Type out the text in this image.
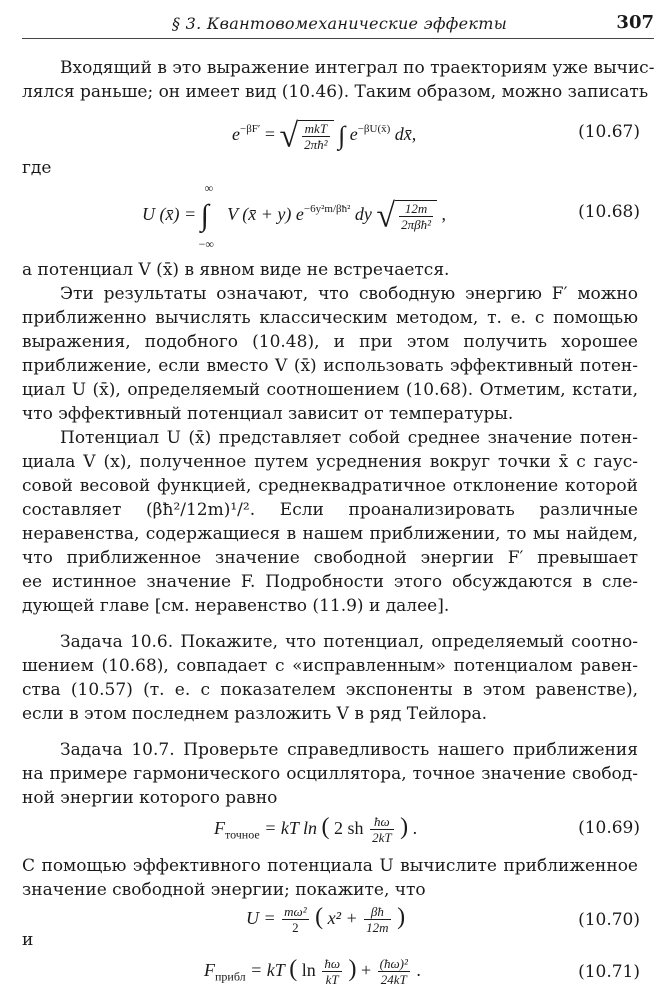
§ 3. Квантовомеханические эффекты	307
Входящий в это выражение интеграл по траекториям уже вычис-
лялся раньше; он имеет вид (10.46). Таким образом, можно записать
$e^{-\beta F'}$ = √ $\frac{\text{mkT}}{\text{2πħ²}}$ ∫ $e^{-\beta U(x̄)}$ dx̄,	(10.67)
где
U (x̄) =
∞
∫
−∞
V (x̄ + y) $e^{-6y^2m/\beta ħ^2}$ dy √ $\frac{12m}{\text{2πβħ²}}$ ,	(10.68)
а потенциал V (x̄) в явном виде не встречается.
Эти результаты означают, что свободную энергию F′ можно
приближенно вычислять классическим методом, т. е. с помощью
выражения, подобного (10.48), и при этом получить хорошее
приближение, если вместо V (x̄) использовать эффективный потен-
циал U (x̄), определяемый соотношением (10.68). Отметим, кстати,
что эффективный потенциал зависит от температуры.
Потенциал U (x̄) представляет собой среднее значение потен-
циала V (x), полученное путем усреднения вокруг точки x̄ с гаус-
совой весовой функцией, среднеквадратичное отклонение которой
составляет (βħ²/12m)¹/². Если проанализировать различные
неравенства, содержащиеся в нашем приближении, то мы найдем,
что приближенное значение свободной энергии F′ превышает
ее истинное значение F. Подробности этого обсуждаются в сле-
дующей главе [см. неравенство (11.9) и далее].
Задача 10.6. Покажите, что потенциал, определяемый соотно-
шением (10.68), совпадает с «исправленным» потенциалом равен-
ства (10.57) (т. е. с показателем экспоненты в этом равенстве),
если в этом последнем разложить V в ряд Тейлора.
Задача 10.7. Проверьте справедливость нашего приближения
на примере гармонического осциллятора, точное значение свобод-
ной энергии которого равно
$F_{точное}$ = kT ln ( 2 sh $\frac{ħ\omega}{2kT}$ ) .	(10.69)
С помощью эффективного потенциала U вычислите приближенное
значение свободной энергии; покажите, что
$U = \frac{\text{mω²}}{2}$ ( $x^2 + \frac{\beta ħ}{12m}$ )	(10.70)
и
$F_{прибл}$ = kT ( $\ln \frac{ħ\omega}{kT}$ ) + $\frac{\text{(ħω)²}}{24kT}$ .	(10.71)
